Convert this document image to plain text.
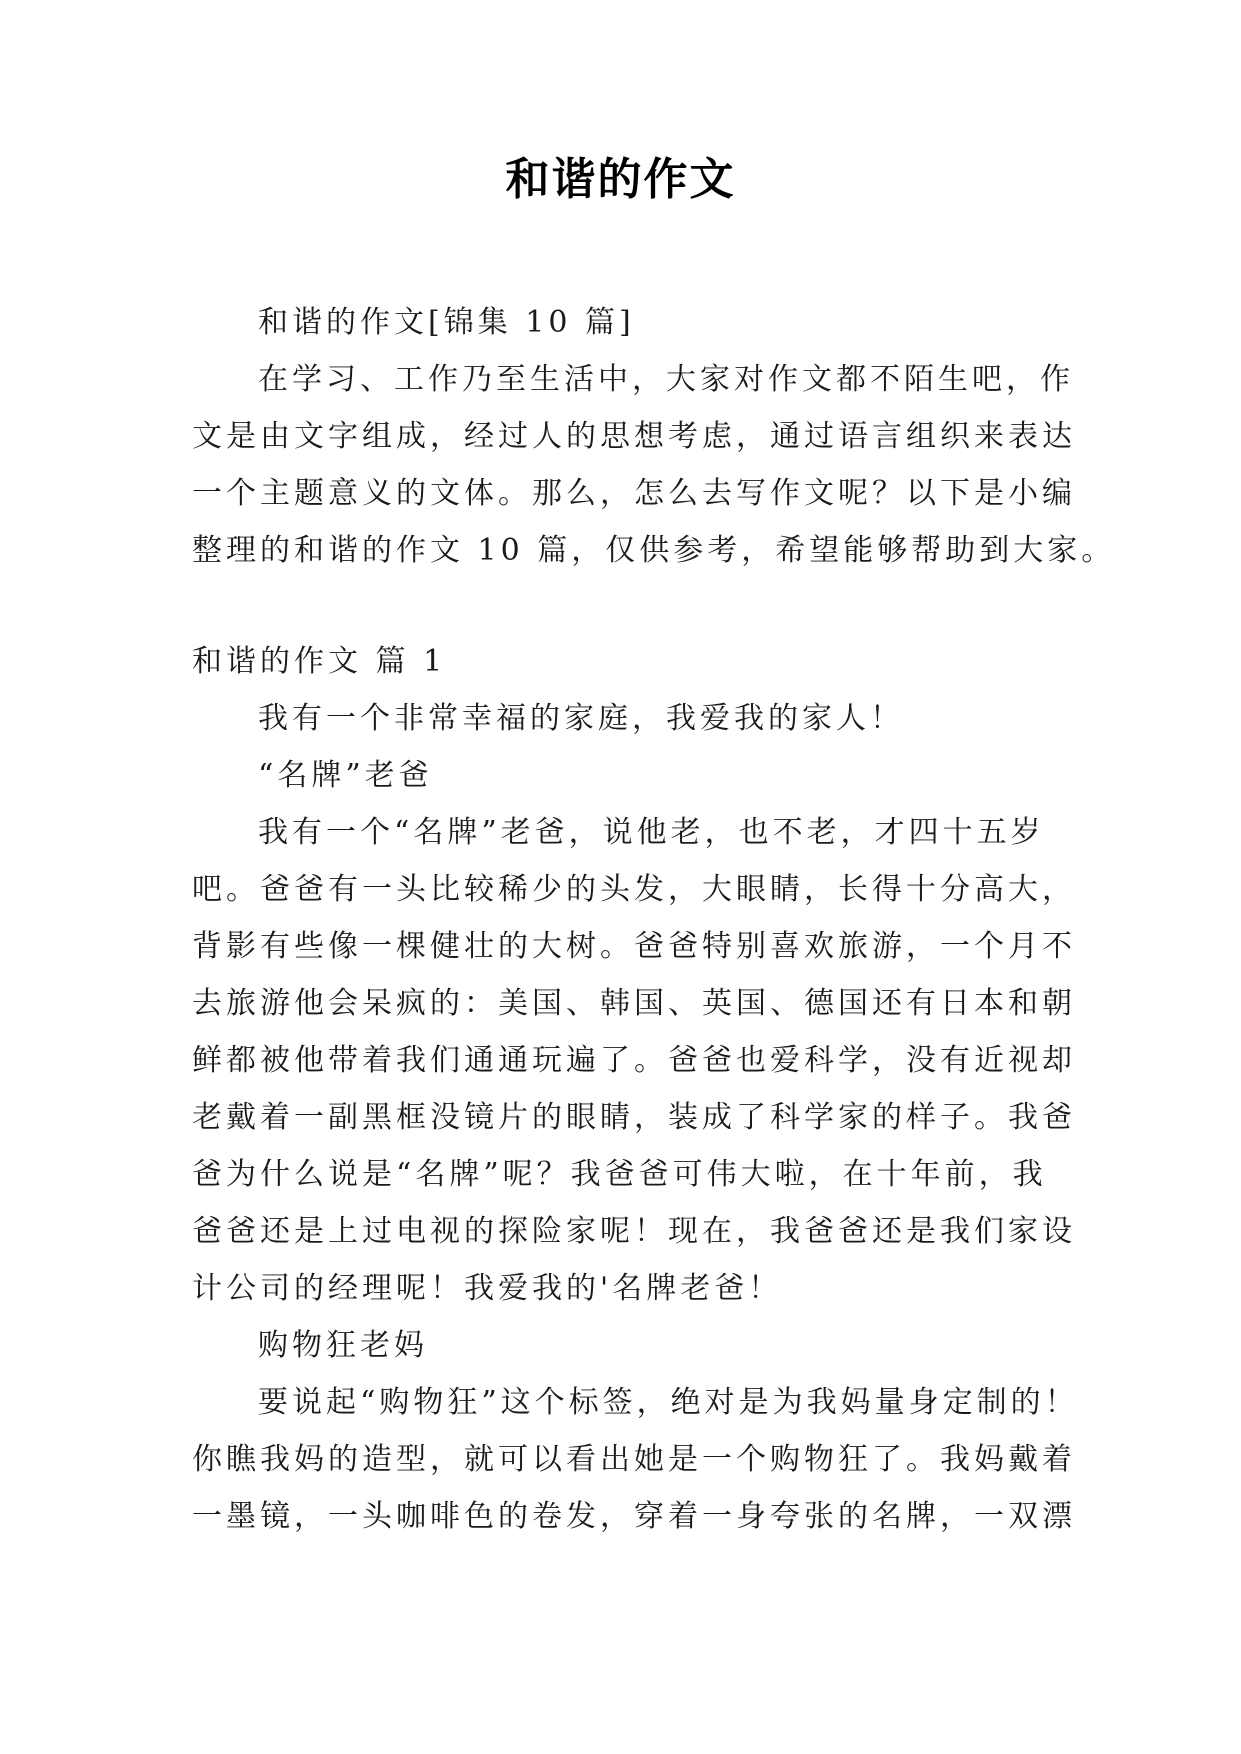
和谐的作文
和谐的作文[锦集 10 篇]
在学习、工作乃至生活中，大家对作文都不陌生吧，作
文是由文字组成，经过人的思想考虑，通过语言组织来表达
一个主题意义的文体。那么，怎么去写作文呢？以下是小编
整理的和谐的作文 10 篇，仅供参考，希望能够帮助到大家。
和谐的作文 篇 1
我有一个非常幸福的家庭，我爱我的家人！
“名牌”老爸
我有一个“名牌”老爸，说他老，也不老，才四十五岁
吧。爸爸有一头比较稀少的头发，大眼睛，长得十分高大，
背影有些像一棵健壮的大树。爸爸特别喜欢旅游，一个月不
去旅游他会呆疯的：美国、韩国、英国、德国还有日本和朝
鲜都被他带着我们通通玩遍了。爸爸也爱科学，没有近视却
老戴着一副黑框没镜片的眼睛，装成了科学家的样子。我爸
爸为什么说是“名牌”呢？我爸爸可伟大啦，在十年前，我
爸爸还是上过电视的探险家呢！现在，我爸爸还是我们家设
计公司的经理呢！我爱我的'名牌老爸！
购物狂老妈
要说起“购物狂”这个标签，绝对是为我妈量身定制的！
你瞧我妈的造型，就可以看出她是一个购物狂了。我妈戴着
一墨镜，一头咖啡色的卷发，穿着一身夸张的名牌，一双漂
